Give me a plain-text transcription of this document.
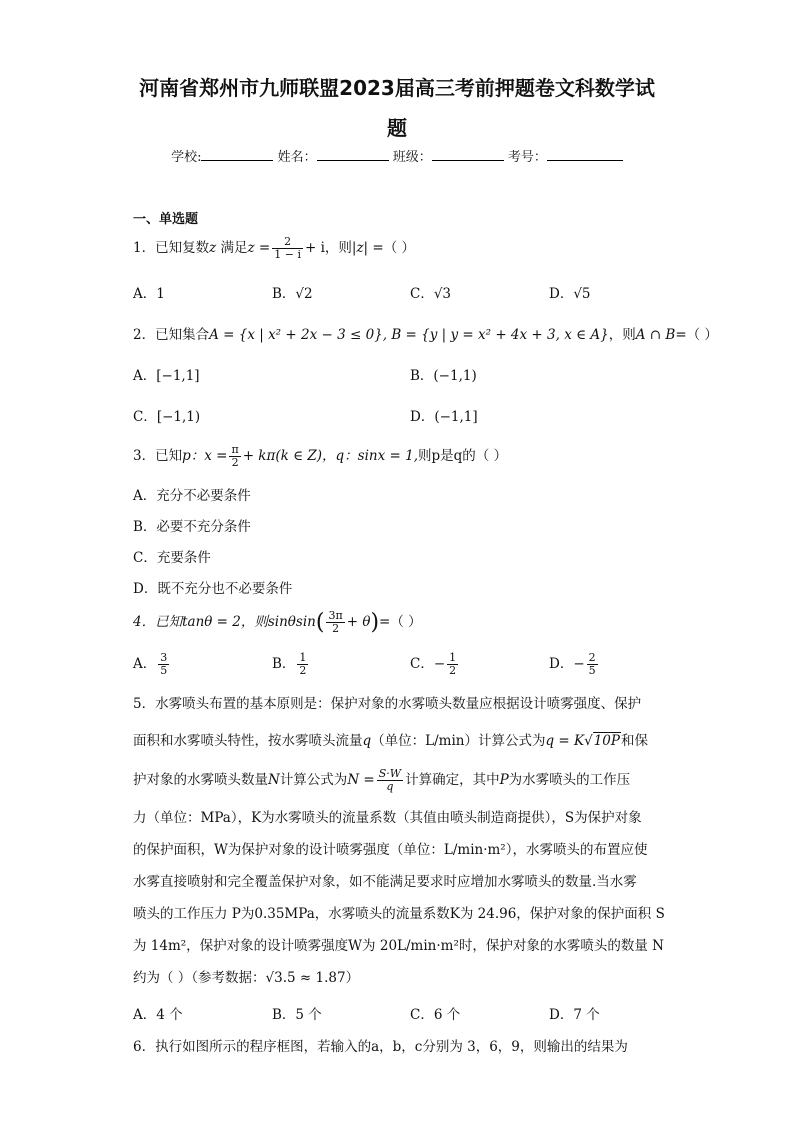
河南省郑州市九师联盟2023届高三考前押题卷文科数学试
题
学校:	姓名：	班级：	考号：
一、单选题
1．已知复数z 满足$z = \frac{2}{1 - i} + i$，则|z| =（ ）
A．1	B．√2	C．√3	D．√5
2．已知集合A = {x | x² + 2x − 3 ≤ 0}, B = {y | y = x² + 4x + 3, x ∈ A}，则A ∩ B=（ ）
A．[−1,1]	B．(−1,1)
C．[−1,1)	D．(−1,1]
3．已知p：$x = \frac{\pi}{2} + k\pi(k$ ∈ Z)，q：sinx = 1,则p是q的（ ）
A．充分不必要条件
B．必要不充分条件
C．充要条件
D．既不充分也不必要条件
4．已知tanθ = 2，则$\sin\theta\sin( \frac{3\pi}{2} + \theta)=$（ ）
A． $\frac{3}{5}$	B． $\frac{1}{2}$	C．− $\frac{1}{2}$	D．− $\frac{2}{5}$
5．水雾喷头布置的基本原则是：保护对象的水雾喷头数量应根据设计喷雾强度、保护
面积和水雾喷头特性，按水雾喷头流量q（单位：L/min）计算公式为q = K√10P和保
护对象的水雾喷头数量N计算公式为$N = \frac{S\cdot W}{q}$ 计算确定，其中P为水雾喷头的工作压
力（单位：MPa），K为水雾喷头的流量系数（其值由喷头制造商提供），S为保护对象
的保护面积，W为保护对象的设计喷雾强度（单位：L/min·m²），水雾喷头的布置应使
水雾直接喷射和完全覆盖保护对象，如不能满足要求时应增加水雾喷头的数量.当水雾
喷头的工作压力 P为0.35MPa，水雾喷头的流量系数K为 24.96，保护对象的保护面积 S
为 14m²，保护对象的设计喷雾强度W为 20L/min·m²时，保护对象的水雾喷头的数量 N
约为（ ）（参考数据：√3.5 ≈ 1.87）
A．4 个	B．5 个	C．6 个	D．7 个
6．执行如图所示的程序框图，若输入的a，b，c分别为 3，6，9，则输出的结果为
